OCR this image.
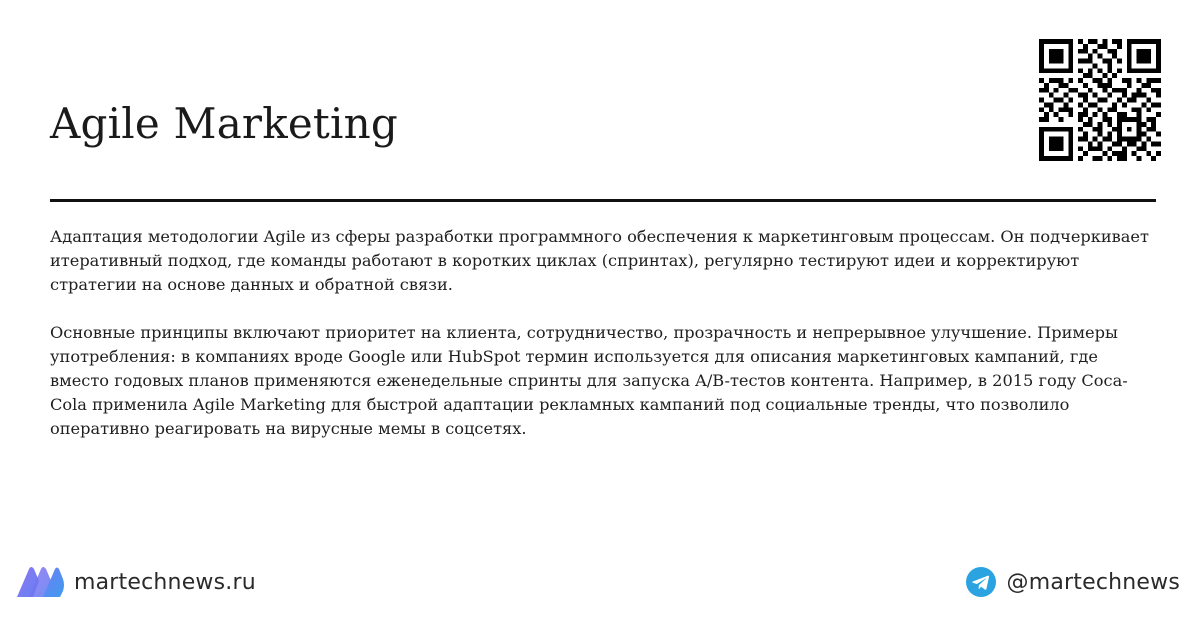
Agile Marketing

Адаптация методологии Agile из сферы разработки программного обеспечения к маркетинговым процессам. Он подчеркивает итеративный подход, где команды работают в коротких циклах (спринтах), регулярно тестируют идеи и корректируют стратегии на основе данных и обратной связи.

Основные принципы включают приоритет на клиента, сотрудничество, прозрачность и непрерывное улучшение. Примеры употребления: в компаниях вроде Google или HubSpot термин используется для описания маркетинговых кампаний, где вместо годовых планов применяются еженедельные спринты для запуска A/B-тестов контента. Например, в 2015 году Coca-Cola применила Agile Marketing для быстрой адаптации рекламных кампаний под социальные тренды, что позволило оперативно реагировать на вирусные мемы в соцсетях.

martechnews.ru	@martechnews
